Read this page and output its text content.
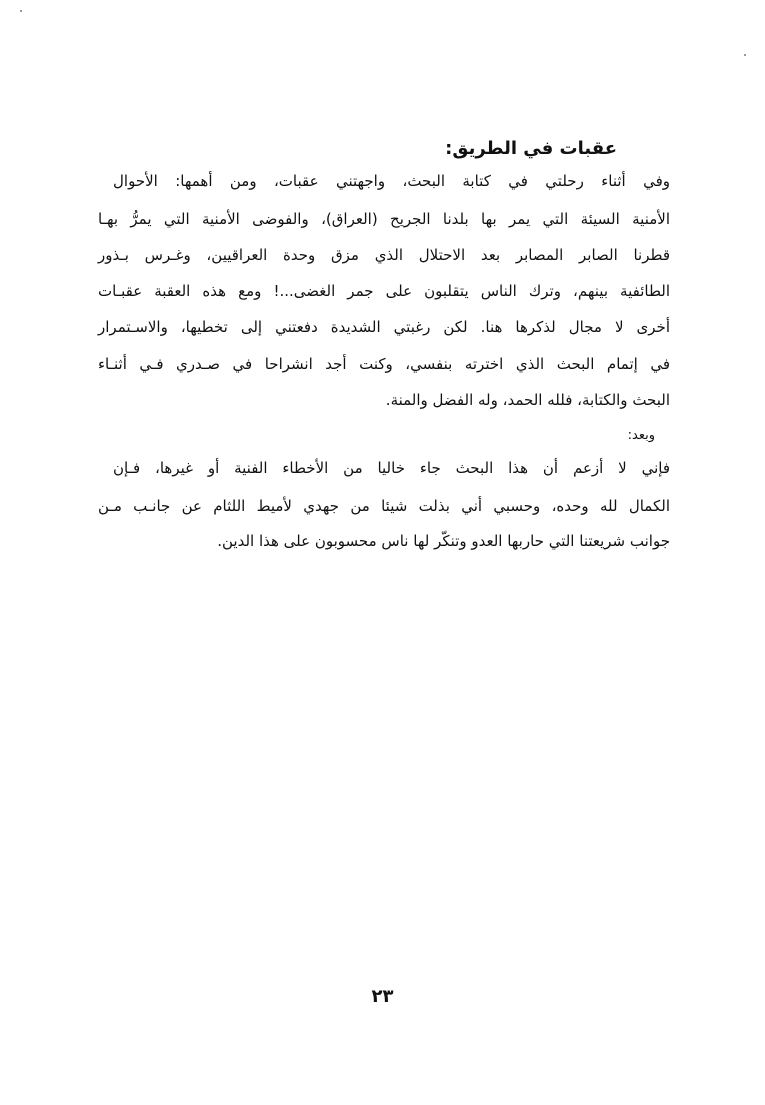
عقبات في الطريق:
وفي أثناء رحلتي في كتابة البحث، واجهتني عقبات، ومن أهمها: الأحوال
الأمنية السيئة التي يمر بها بلدنا الجريح (العراق)، والفوضى الأمنية التي يمرُّ بهـا
قطرنا الصابر المصابر بعد الاحتلال الذي مزق وحدة العراقيين، وغـرس بـذور
الطائفية بينهم، وترك الناس يتقلبون على جمر الغضى...! ومع هذه العقبة عقبـات
أخرى لا مجال لذكرها هنا. لكن رغبتي الشديدة دفعتني إلى تخطيها، والاسـتمرار
في إتمام البحث الذي اخترته بنفسي، وكنت أجد انشراحا في صـدري فـي أثنـاء
البحث والكتابة، فلله الحمد، وله الفضل والمنة.
وبعد:
فإني لا أزعم أن هذا البحث جاء خاليا من الأخطاء الفنية أو غيرها، فـإن
الكمال لله وحده، وحسبي أني بذلت شيئا من جهدي لأميط اللثام عن جانـب مـن
جوانب شريعتنا التي حاربها العدو وتنكّر لها ناس محسوبون على هذا الدين.
٢٣
